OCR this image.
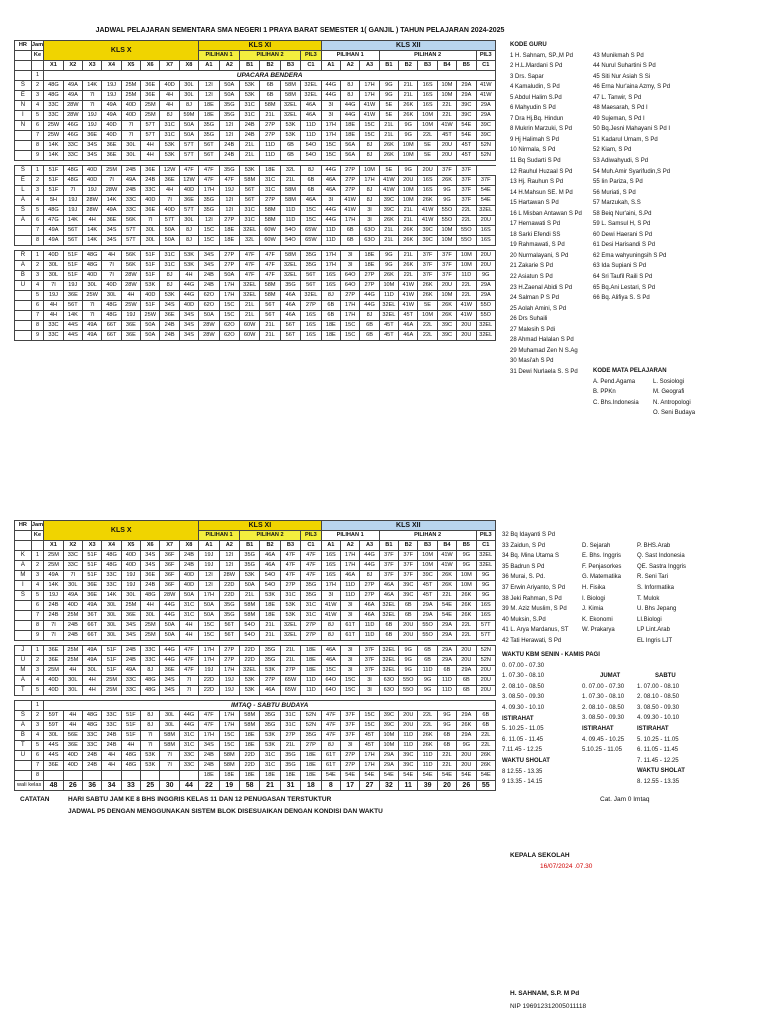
JADWAL PELAJARAN SEMENTARA SMA NEGERI 1 PRAYA BARAT SEMESTER 1( GANJIL ) TAHUN PELAJARAN 2024-2025
HR	Jam	KLS X								KLS XI						KLS XII								
	Ke									PILIHAN 1		PILIHAN 2			PIL3	PILIHAN 1			PILIHAN 2					PIL3
		X1	X2	X3	X4	X5	X6	X7	X8	A1	A2	B1	B2	B3	C1	A1	A2	A3	B1	B2	B3	B4	B5	C1
	1	UPACARA BENDERA																						
S	2	48G	49A	14K	19J	25M	36E	40D	30L	12I	50A	53K	6B	58M	32EL	44G	8J	17H	9G	21L	16S	10M	29A	41W
E	3	48G	49A	7I	19J	25M	36E	4H	30L	12I	50A	53K	6B	58M	32EL	44G	8J	17H	9G	21L	16S	10M	29A	41W
N	4	33C	28W	7I	49A	40D	25M	4H	8J	18E	35G	31C	58M	32EL	46A	3I	44G	41W	5E	26K	16S	22L	39C	29A
I	5	33C	28W	19J	49A	40D	25M	8J	59M	18E	35G	31C	21L	32EL	46A	3I	44G	41W	5E	26K	10M	22L	39C	29A
N	6	25W	46G	19J	40D	7I	57T	31C	50A	35G	12I	24B	27P	53K	11D	17H	18E	15C	21L	9G	10M	41W	54E	39C
	7	25W	46G	36E	40D	7I	57T	31C	50A	35G	12I	24B	27P	53K	11D	17H	18E	15C	21L	9G	22L	45T	54E	39C
	8	14K	33C	34S	36E	30L	4H	53K	57T	56T	24B	21L	11D	6B	54O	15C	56A	8J	26K	10M	5E	20U	45T	52N
	9	14K	33C	34S	36E	30L	4H	53K	57T	56T	24B	21L	11D	6B	54O	15C	56A	8J	26K	10M	5E	20U	45T	52N

S	1	51F	48G	40D	25M	24B	36E	12W	47F	47F	35G	53K	18E	32L	8J	44G	27P	10M	5E	9G	20U	37F	37F	
E	2	51F	48G	40D	7I	49A	24B	36E	12W	47F	47F	58M	31C	21L	6B	46A	27P	17H	41W	20U	16S	26K	37F	37F
L	3	51F	7I	19J	28W	24B	33C	4H	40D	17H	19J	56T	31C	58M	6B	46A	27P	8J	41W	10M	16S	9G	37F	54E
A	4	5H	19J	28W	14K	33C	40D	7I	36E	35G	12I	56T	27P	58M	46A	3I	41W	8J	39C	10M	26K	9G	37F	54E
S	5	48G	19J	28W	49A	33C	36E	40D	57T	35G	12I	31C	58M	11D	15C	44G	41W	3I	39C	21L	41W	55O	22L	32EL
A	6	47G	14K	4H	36E	56K	7I	57T	30L	12I	27P	31C	58M	11D	15C	44G	17H	3I	26K	21L	41W	55O	22L	20U
	7	49A	56T	14K	34S	57T	30L	50A	8J	15C	18E	32EL	60W	54O	65W	11D	6B	63O	21L	26K	39C	10M	55O	16S
	8	49A	56T	14K	34S	57T	30L	50A	8J	15C	18E	32L	60W	54O	65W	11D	6B	63O	21L	26K	39C	10M	55O	16S

R	1	40D	51F	48G	4H	56K	51F	31C	53K	34S	27P	47F	47F	58M	35G	17H	3I	18E	9G	21L	37F	37F	10M	20U
A	2	30L	51F	48G	7I	56K	51F	31C	53K	34S	27P	47F	47F	32EL	35G	17H	3I	18E	9G	26K	37F	37F	10M	20U
B	3	30L	51F	40D	7I	28W	51F	8J	4H	24B	50A	47F	47F	32EL	56T	16S	64O	27P	26K	22L	37F	37F	11D	9G
U	4	7I	19J	30L	40D	28W	53K	8J	44G	24B	17H	32EL	58M	35G	56T	16S	64O	27P	10M	41W	26K	20U	22L	29A
	5	19J	36E	25W	30L	4H	40D	53K	44G	62O	17H	32EL	58M	46A	32EL	8J	27P	44G	11D	41W	26K	10M	22L	29A
	6	4H	56T	7I	48G	25W	51F	34S	40D	62O	15C	21L	56T	46A	27P	6B	17H	44G	32EL	41W	5E	26K	41W	55O
	7	4H	14K	7I	48G	19J	25W	36E	34S	50A	15C	21L	56T	46A	16S	6B	17H	8J	32EL	45T	10M	26K	41W	55O
	8	33C	44S	49A	66T	36E	50A	24B	34S	28W	62O	60W	21L	56T	16S	18E	15C	6B	45T	46A	22L	39C	20U	32EL
	9	33C	44S	49A	66T	36E	50A	24B	34S	28W	62O	60W	21L	56T	16S	18E	15C	6B	45T	46A	22L	39C	20U	32EL
HR	Jam	KLS X								KLS XI						KLS XII								
	Ke									PILIHAN 1		PILIHAN 2			PIL3	PILIHAN 1			PILIHAN 2					PIL3
		X1	X2	X3	X4	X5	X6	X7	X8	A1	A2	B1	B2	B3	C1	A1	A2	A3	B1	B2	B3	B4	B5	C1
K	1	25M	33C	51F	48G	40D	34S	36F	24B	19J	12I	35G	46A	47F	47F	16S	17H	44G	37F	37F	10M	41W	9G	32EL
A	2	25M	33C	51F	48G	40D	34S	36F	24B	19J	12I	35G	46A	47F	47F	16S	17H	44G	37F	37F	10M	41W	9G	32EL
M	3	49A	7I	51F	33C	19J	36E	36F	40D	12I	28W	53K	54O	47F	47F	16S	46A	8J	37F	37F	39C	26K	10M	9G
I	4	14K	30L	36E	33C	19J	24B	36F	40D	12I	22D	50A	54O	27P	35G	17H	11D	27P	46A	39C	45T	26K	10M	9G
S	5	19J	49A	36E	14K	30L	48G	28W	50A	17H	22D	21L	53K	31C	35G	3I	11D	27P	46A	39C	45T	22L	26K	9G
	6	24B	40D	49A	30L	25M	4H	44G	31C	50A	35G	58M	18E	53K	31C	41W	3I	46A	32EL	6B	29A	54E	26K	16S
	7	24B	25M	36T	30L	36E	30L	44G	31C	50A	35G	58M	18E	53K	31C	41W	3I	46A	32EL	6B	29A	54E	26K	16S
	8	7I	24B	66T	30L	34S	25M	50A	4H	15C	56T	54O	21L	32EL	27P	8J	61T	11D	6B	20U	55O	29A	22L	57T
	9	7I	24B	66T	30L	34S	25M	50A	4H	15C	56T	54O	21L	32EL	27P	8J	61T	11D	6B	20U	55O	29A	22L	57T

J	1	36E	25M	49A	51F	24B	33C	44G	47F	17H	27P	22D	35G	21L	18E	46A	3I	37F	32EL	9G	6B	29A	20U	52N
U	2	36E	25M	49A	51F	24B	33C	44G	47F	17H	27P	22D	35G	21L	18E	46A	3I	37F	32EL	9G	6B	29A	20U	52N
M	3	25M	4H	30L	51F	49A	8J	36E	47F	19J	17H	32EL	53K	27P	18E	15C	3I	37F	32EL	9G	11D	6B	29A	20U
A	4	40D	30L	4H	25M	33C	48G	34S	7I	22D	19J	53K	27P	65W	11D	64O	15C	3I	63O	55O	9G	11D	6B	20U
T	5	40D	30L	4H	25M	33C	48G	34S	7I	22D	19J	53K	46A	65W	11D	64O	15C	3I	63O	55O	9G	11D	6B	20U

	1	IMTAQ - SABTU BUDAYA																						
S	2	59T	4H	48G	33C	51F	8J	30L	44G	47F	17H	58M	35G	31C	52N	47F	37F	15C	39C	20U	22L	9G	29A	6B
A	3	59T	4H	48G	33C	51F	8J	30L	44G	47F	17H	58M	35G	31C	52N	47F	37F	15C	39C	20U	22L	9G	26K	6B
B	4	30L	56E	33C	24B	51F	7I	58M	31C	17H	15C	18E	53K	27P	35G	47F	37F	45T	10M	11D	26K	6B	29A	22L
T	5	44S	36E	33C	24B	4H	7I	58M	31C	34S	15C	18E	53K	21L	27P	8J	3I	45T	10M	11D	26K	6B	9G	22L
U	6	44S	40D	24B	4H	48G	53K	7I	33C	24B	58M	22D	31C	35G	18E	61T	27P	17H	29A	39C	11D	22L	20U	26K
	7	36E	40D	24B	4H	48G	53K	7I	33C	24B	58M	22D	31C	35G	18E	61T	27P	17H	29A	39C	11D	22L	20U	26K
	8									18E	18E	18E	18E	18E	18E	54E	54E	54E	54E	54E	54E	54E	54E	54E
wali kelas		48	26	36	34	33	25	30	44	22	19	58	21	31	18	8	17	27	32	11	39	20	26	55
KODE GURU
1 H. Sahnam, SP.,M Pd
2 H.L.Mardani S Pd
3 Drs. Sapar
4 Kamaludin, S Pd
5 Abdul Halim S.Pd
6 Mahyudin S Pd
7 Dra Hj.Bq. Hindun
8 Mukrin Marzuki, S Pd
9 Hj Halimah S Pd
10 Nirmala, S Pd
11 Bq Sudarti S Pd
12 Rauhul Huzaal S Pd
13 Hj. Rauhun S Pd
14 H.Mahsun SE. M Pd
15 Hartawan S Pd
16 L Misban Antawan S Pd
17 Hernawati S Pd
18 Sarki Efendi SS
19 Rahmawati, S Pd
20 Nurmalayani, S Pd
21 Zakarie S Pd
22 Asiatun S Pd
23 H.Zaenal Abidi S Pd
24 Salman P S Pd
25 Aolah Amini, S Pd
26 Drs Suhaili
27 Malesih S Pdi
28 Ahmad Halalan S Pd
29 Muhamad Zen N S.Ag
30 Masi'ah S Pd
31 Dewi Nurlaela S. S Pd
43 Munikmah S Pd
44 Nurul Suhartini S Pd
45 Siti Nur Asiah S Si
46 Erna Nur'aina Azmy, S Pd
47 L. Tanwir, S Pd
48 Maesarah, S Pd I
49 Sujeman, S Pd I
50 Bq.Jesni Mahayani S Pd I
51 Kadarul Umam, S Pd
52 Kiam, S Pd
53 Adiwahyudi, S Pd
54 Muh.Amir Syarifudin,S Pd
55 Iin Pariza, S Pd
56 Muriati, S Pd
57 Marzukah, S.S
58 Beiq Nur'aini, S.Pd
59 L. Samsul H, S Pd
60 Dewi Haerani S Pd
61 Desi Harisandi S Pd
62 Ema wahyuningsih S Pd
63 Ida Supiani S Pd
64 Sri Taufil Raili S Pd
65 Bq.Ani Lestari, S Pd
66 Bq. Alifiya S. S Pd
KODE MATA PELAJARAN
A. Pend.Agama	L. Sosiologi
B. PPKn	M. Geografi
C. Bhs.Indonesia	N. Antropologi
O. Seni Budaya
32 Bq Idayanti S Pd
33 Zaidun, S Pd
34 Bq. Mina Utama S
35 Badrun S Pd
36 Murai, S. Pd.
37 Erwin Ariyanto, S Pd
38 Jeki Rahman, S Pd
39 M. Aziz Muslim, S Pd
40 Muksin, S.Pd
41 L. Arya Mardanus, ST
42 Tati Herawati, S Pd
D. Sejarah
E. Bhs. Inggris
F. Penjasorkes
G. Matematika
H. Fisika
I. Biologi
J. Kimia
K. Ekonomi
W. Prakarya
P. BHS.Arab
Q. Sast Indonesia
QE. Sastra Inggris
R. Seni Tari
S. Informatika
T. Mulok
U. Bhs Jepang
LI.Biologi
LP Lint.Arab
EL Ingris LJT
WAKTU KBM SENIN - KAMIS PAGI
0. 07.00 - 07.30
1. 07.30 - 08.10
2. 08.10 - 08.50
3. 08.50 - 09.30
4. 09.30 - 10.10
ISTIRAHAT
5. 10.25 - 11.05
6. 11.05 - 11.45
7.11.45 - 12.25
WAKTU SHOLAT
8 12.55 - 13.35
9 13.35 - 14.15
JUMAT
0. 07.00 - 07.30
1. 07.30 - 08.10
2. 08.10 - 08.50
3. 08.50 - 09.30
ISTIRAHAT
4. 09.45 - 10.25
5.10.25 - 11.05
SABTU
1. 07.00 - 08.10
2. 08.10 - 08.50
3. 08.50 - 09.30
4. 09.30 - 10.10
ISTIRAHAT
5. 10.25 - 11.05
6. 11.05 - 11.45
7. 11.45 - 12.25
WAKTU SHOLAT
8. 12.55 - 13.35
CATATAN	HARI SABTU JAM KE 8 BHS INGGRIS KELAS 11 DAN 12 PENUGASAN TERSTUKTUR
JADWAL P5 DENGAN MENGGUNAKAN SISTEM BLOK DISESUAIKAN DENGAN KONDISI DAN WAKTU
Cat. Jam 0 Imtaq
KEPALA SEKOLAH
16/07/2024 .07.30
H. SAHNAM, S.P. M Pd
NIP 196912312005011118
